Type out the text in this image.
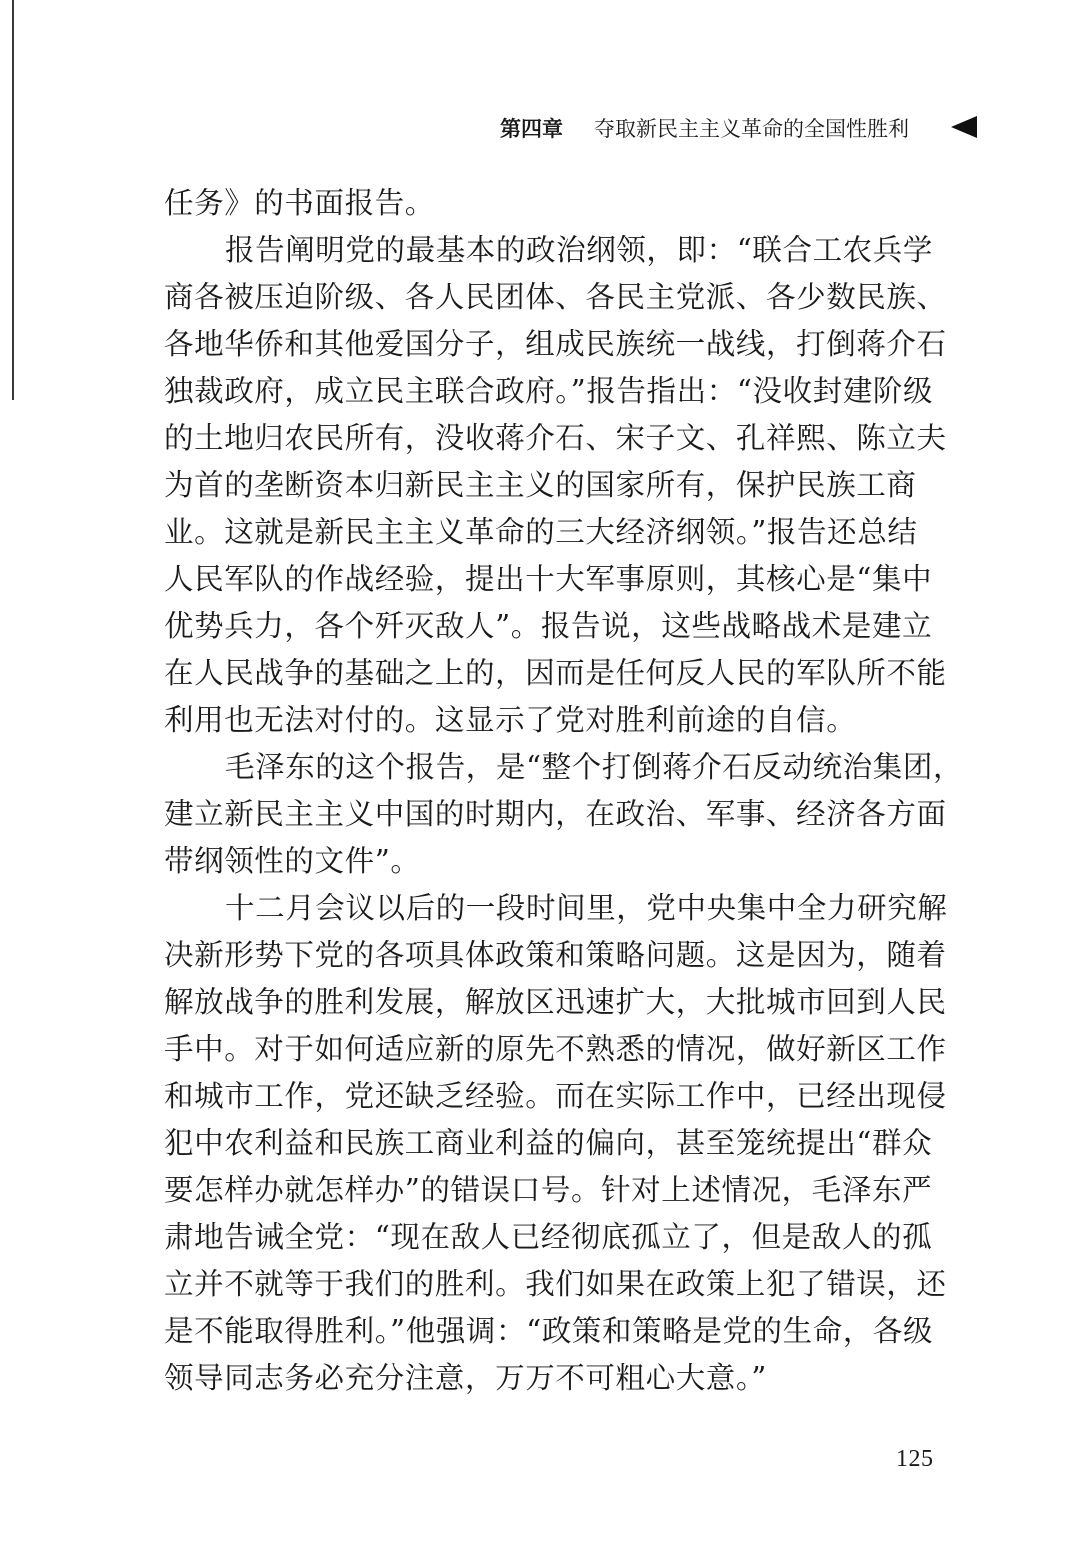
第四章 夺取新民主主义革命的全国性胜利
任务》的书面报告。
报告阐明党的最基本的政治纲领，即：“联合工农兵学
商各被压迫阶级、各人民团体、各民主党派、各少数民族、
各地华侨和其他爱国分子，组成民族统一战线，打倒蒋介石
独裁政府，成立民主联合政府。”报告指出：“没收封建阶级
的土地归农民所有，没收蒋介石、宋子文、孔祥熙、陈立夫
为首的垄断资本归新民主主义的国家所有，保护民族工商
业。这就是新民主主义革命的三大经济纲领。”报告还总结
人民军队的作战经验，提出十大军事原则，其核心是“集中
优势兵力，各个歼灭敌人”。报告说，这些战略战术是建立
在人民战争的基础之上的，因而是任何反人民的军队所不能
利用也无法对付的。这显示了党对胜利前途的自信。
毛泽东的这个报告，是“整个打倒蒋介石反动统治集团，
建立新民主主义中国的时期内，在政治、军事、经济各方面
带纲领性的文件”。
十二月会议以后的一段时间里，党中央集中全力研究解
决新形势下党的各项具体政策和策略问题。这是因为，随着
解放战争的胜利发展，解放区迅速扩大，大批城市回到人民
手中。对于如何适应新的原先不熟悉的情况，做好新区工作
和城市工作，党还缺乏经验。而在实际工作中，已经出现侵
犯中农利益和民族工商业利益的偏向，甚至笼统提出“群众
要怎样办就怎样办”的错误口号。针对上述情况，毛泽东严
肃地告诫全党：“现在敌人已经彻底孤立了，但是敌人的孤
立并不就等于我们的胜利。我们如果在政策上犯了错误，还
是不能取得胜利。”他强调：“政策和策略是党的生命，各级
领导同志务必充分注意，万万不可粗心大意。”
125
